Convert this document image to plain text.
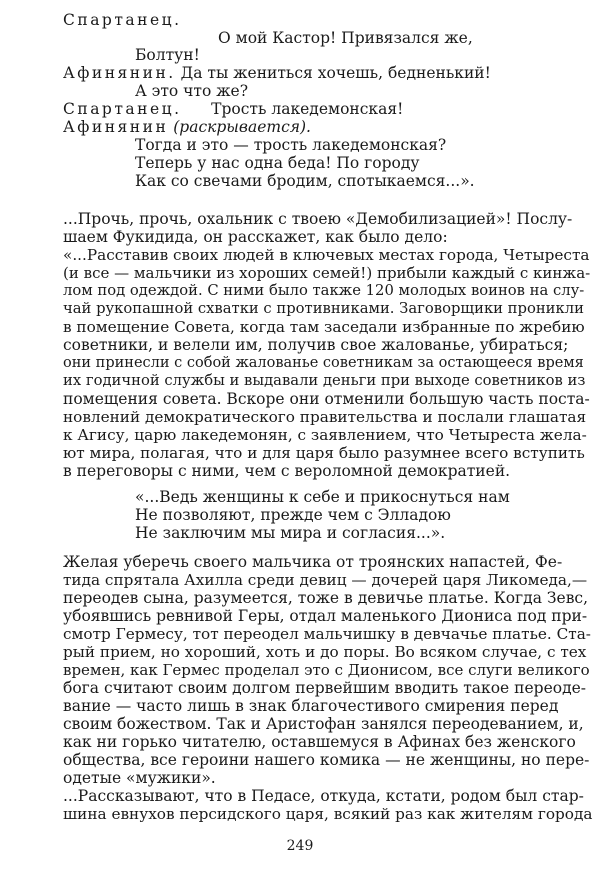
Спартанец.
О мой Кастор! Привязался же,
Болтун!
Афинянин. Да ты жениться хочешь, бедненький!
А это что же?
Спартанец.      Трость лакедемонская!
Афинянин (раскрывается).
Тогда и это — трость лакедемонская?
Теперь у нас одна беда! По городу
Как со свечами бродим, спотыкаемся...».
...Прочь, прочь, охальник с твоею «Демобилизацией»! Послу-
шаем Фукидида, он расскажет, как было дело:
«...Расставив своих людей в ключевых местах города, Четыреста
(и все — мальчики из хороших семей!) прибыли каждый с кинжа-
лом под одеждой. С ними было также 120 молодых воинов на слу-
чай рукопашной схватки с противниками. Заговорщики проникли
в помещение Совета, когда там заседали избранные по жребию
советники, и велели им, получив свое жалованье, убираться;
они принесли с собой жалованье советникам за остающееся время
их годичной службы и выдавали деньги при выходе советников из
помещения совета. Вскоре они отменили большую часть поста-
новлений демократического правительства и послали глашатая
к Агису, царю лакедемонян, с заявлением, что Четыреста жела-
ют мира, полагая, что и для царя было разумнее всего вступить
в переговоры с ними, чем с вероломной демократией.
«...Ведь женщины к себе и прикоснуться нам
Не позволяют, прежде чем с Элладою
Не заключим мы мира и согласия...».
Желая уберечь своего мальчика от троянских напастей, Фе-
тида спрятала Ахилла среди девиц — дочерей царя Ликомеда,—
переодев сына, разумеется, тоже в девичье платье. Когда Зевс,
убоявшись ревнивой Геры, отдал маленького Диониса под при-
смотр Гермесу, тот переодел мальчишку в девчачье платье. Ста-
рый прием, но хороший, хоть и до поры. Во всяком случае, с тех
времен, как Гермес проделал это с Дионисом, все слуги великого
бога считают своим долгом первейшим вводить такое переоде-
вание — часто лишь в знак благочестивого смирения перед
своим божеством. Так и Аристофан занялся переодеванием, и,
как ни горько читателю, оставшемуся в Афинах без женского
общества, все героини нашего комика — не женщины, но пере-
одетые «мужики».
...Рассказывают, что в Педасе, откуда, кстати, родом был стар-
шина евнухов персидского царя, всякий раз как жителям города
249
